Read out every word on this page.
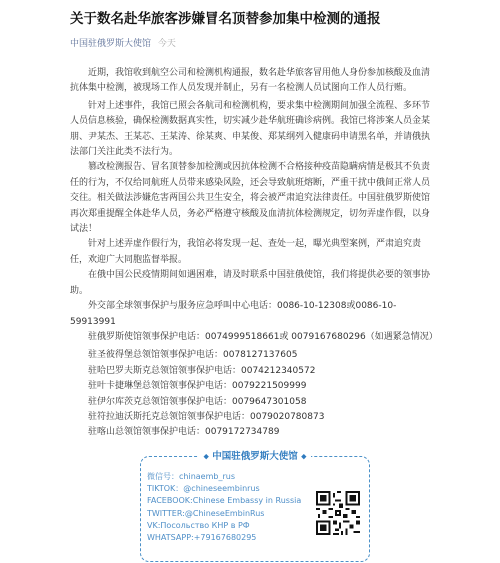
关于数名赴华旅客涉嫌冒名顶替参加集中检测的通报
中国驻俄罗斯大使馆 今天

近期，我馆收到航空公司和检测机构通报，数名赴华旅客冒用他人身份参加核酸及血清抗体集中检测，被现场工作人员发现并制止，另有一名检测人员试图向工作人员行贿。

针对上述事件，我馆已照会各航司和检测机构，要求集中检测期间加强全流程、多环节人员信息核验，确保检测数据真实性，切实减少赴华航班确诊病例。我馆已将涉案人员金某朋、尹某杰、王某芯、王某涛、徐某爽、申某俊、郑某纲列入健康码申请黑名单，并请俄执法部门关注此类不法行为。

篡改检测报告、冒名顶替参加检测或因抗体检测不合格接种疫苗隐瞒病情是极其不负责任的行为，不仅给同航班人员带来感染风险，还会导致航班熔断，严重干扰中俄间正常人员交往。相关做法涉嫌危害两国公共卫生安全，将会被严肃追究法律责任。中国驻俄罗斯使馆再次郑重提醒全体赴华人员，务必严格遵守核酸及血清抗体检测规定，切勿弄虚作假，以身试法！

针对上述弄虚作假行为，我馆必将发现一起、查处一起，曝光典型案例，严肃追究责任，欢迎广大同胞监督举报。

在俄中国公民疫情期间如遇困难，请及时联系中国驻俄使馆，我们将提供必要的领事协助。

外交部全球领事保护与服务应急呼叫中心电话：0086-10-12308或0086-10-59913991

驻俄罗斯使馆领事保护电话：0074999518661或 0079167680296（如遇紧急情况）

驻圣彼得堡总领馆领事保护电话：0078127137605
驻哈巴罗夫斯克总领馆领事保护电话：0074212340572
驻叶卡捷琳堡总领馆领事保护电话：0079221509999
驻伊尔库茨克总领馆领事保护电话：0079647301058
驻符拉迪沃斯托克总领馆领事保护电话：0079020780873
驻喀山总领馆领事保护电话：0079172734789
◆ 中国驻俄罗斯大使馆 ◆
微信号：chinaemb_rus
TIKTOK：@chineseembinrus
FACEBOOK:Chinese Embassy in Russia
TWITTER:@ChineseEmbinRus
VK:Посольство КНР в РФ
WHATSAPP:+79167680295
